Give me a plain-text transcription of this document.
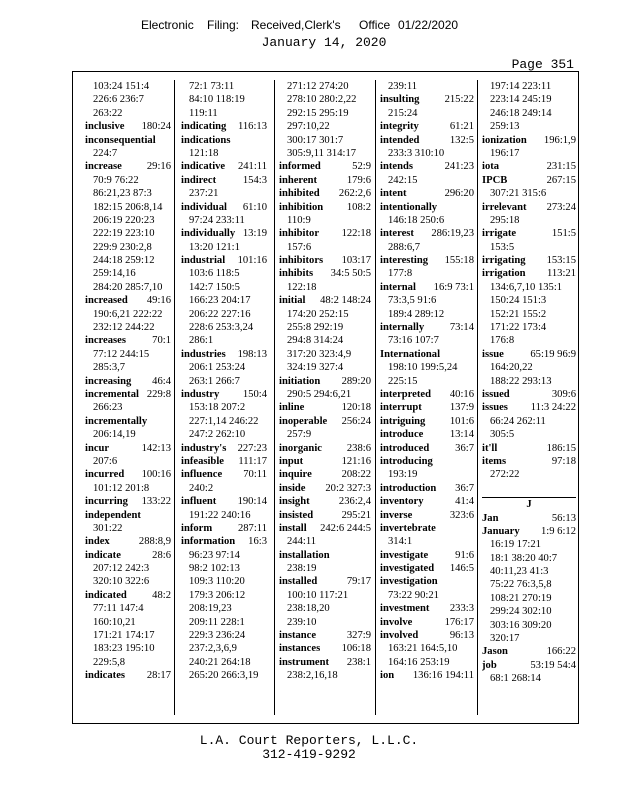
Electronic Filing: Received,Clerk's Office 01/22/2020
January 14, 2020
Page 351
103:24 151:4
226:6 236:7
263:22
inclusive 180:24
inconsequential
224:7
increase 29:16
70:9 76:22
86:21,23 87:3
182:15 206:8,14
206:19 220:23
222:19 223:10
229:9 230:2,8
244:18 259:12
259:14,16
284:20 285:7,10
increased 49:16
190:6,21 222:22
232:12 244:22
increases 70:1
77:12 244:15
285:3,7
increasing 46:4
incremental 229:8
266:23
incrementally
206:14,19
incur	142:13
207:6
incurred 100:16
101:12 201:8
incurring 133:22
independent
301:22
index	288:8,9
indicate	28:6
207:12 242:3
320:10 322:6
indicated 48:2
77:11 147:4
160:10,21
171:21 174:17
183:23 195:10
229:5,8
indicates 28:17
72:1 73:11
84:10 118:19
119:11
indicating 116:13
indications
121:18
indicative 241:11
indirect	154:3
237:21
individual 61:10
97:24 233:11
individually 13:19
13:20 121:1
industrial 101:16
103:6 118:5
142:7 150:5
166:23 204:17
206:22 227:16
228:6 253:3,24
286:1
industries 198:13
206:1 253:24
263:1 266:7
industry 150:4
153:18 207:2
227:1,14 246:22
247:2 262:10
industry's 227:23
infeasible 111:17
influence 70:11
240:2
influent 190:14
191:22 240:16
inform 287:11
information 16:3
96:23 97:14
98:2 102:13
109:3 110:20
179:3 206:12
208:19,23
209:11 228:1
229:3 236:24
237:2,3,6,9
240:21 264:18
265:20 266:3,19
271:12 274:20
278:10 280:2,22
292:15 295:19
297:10,22
300:17 301:7
305:9,11 314:17
informed	52:9
inherent	179:6
inhibited 262:2,6
inhibition 108:2
110:9
inhibitor 122:18
157:6
inhibitors 103:17
inhibits 34:5 50:5
122:18
initial 48:2 148:24
174:20 252:15
255:8 292:19
294:8 314:24
317:20 323:4,9
324:19 327:4
initiation 289:20
290:5 294:6,21
inline	120:18
inoperable 256:24
257:9
inorganic 238:6
input	121:16
inquire	208:22
inside 20:2 327:3
insight	236:2,4
insisted	295:21
install 242:6 244:5
244:11
installation
238:19
installed	79:17
100:10 117:21
238:18,20
239:10
instance	327:9
instances 106:18
instrument 238:1
238:2,16,18
239:11
insulting 215:22
215:24
integrity	61:21
intended	132:5
233:3 310:10
intends	241:23
242:15
intent	296:20
intentionally
146:18 250:6
interest 286:19,23
288:6,7
interesting 155:18
177:8
internal 16:9 73:1
73:3,5 91:6
189:4 289:12
internally 73:14
73:16 107:7
International
198:10 199:5,24
225:15
interpreted 40:16
interrupt	137:9
intriguing 101:6
introduce	13:14
introduced 36:7
introducing
193:19
introduction 36:7
inventory	41:4
inverse	323:6
invertebrate
314:1
investigate	91:6
investigated 146:5
investigation
73:22 90:21
investment 233:3
involve	176:17
involved	96:13
163:21 164:5,10
164:16 253:19
ion 136:16 194:11
197:14 223:11
223:14 245:19
246:18 249:14
259:13
ionization 196:1,9
196:17
iota	231:15
IPCB	267:15
307:21 315:6
irrelevant 273:24
295:18
irrigate	151:5
153:5
irrigating 153:15
irrigation 113:21
134:6,7,10 135:1
150:24 151:3
152:21 155:2
171:22 173:4
176:8
issue	65:19 96:9
164:20,22
188:22 293:13
issued	309:6
issues 11:3 24:22
66:24 262:11
305:5
it'll	186:15
items	97:18
272:22
J
Jan	56:13
January 1:9 6:12
16:19 17:21
18:1 38:20 40:7
40:11,23 41:3
75:22 76:3,5,8
108:21 270:19
299:24 302:10
303:16 309:20
320:17
Jason	166:22
job	53:19 54:4
68:1 268:14
L.A. Court Reporters, L.L.C.
312-419-9292
